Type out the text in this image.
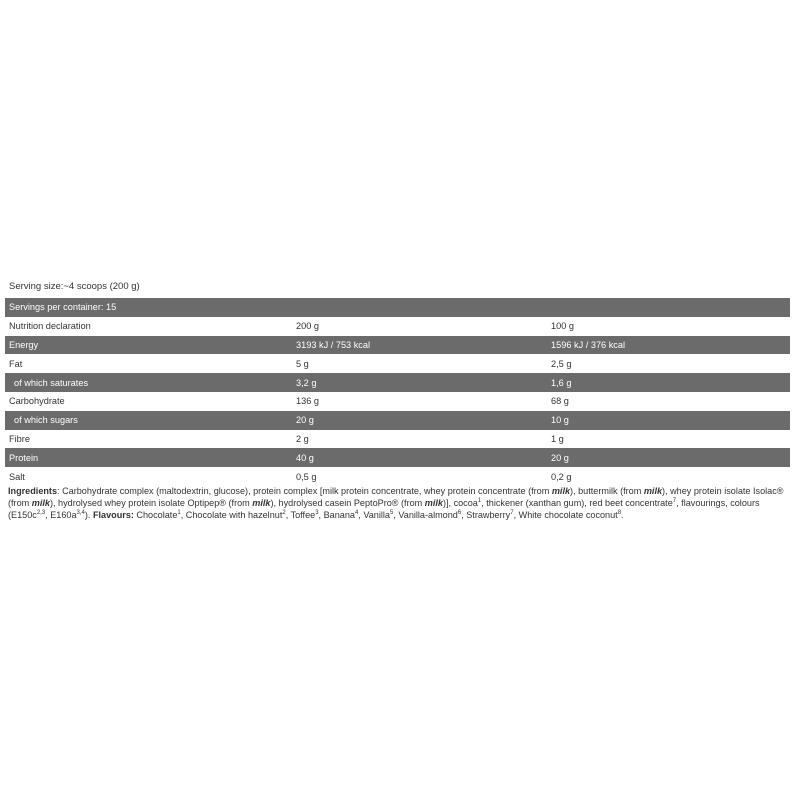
Serving size:~4 scoops (200 g)
Servings per container: 15
Nutrition declaration	200 g	100 g
Energy	3193 kJ / 753 kcal	1596 kJ / 376 kcal
Fat	5 g	2,5 g
of which saturates	3,2 g	1,6 g
Carbohydrate	136 g	68 g
of which sugars	20 g	10 g
Fibre	2 g	1 g
Protein	40 g	20 g
Salt	0,5 g	0,2 g
Ingredients: Carbohydrate complex (maltodextrin, glucose), protein complex [milk protein concentrate, whey protein concentrate (from milk), buttermilk (from milk), whey protein isolate Isolac® (from milk), hydrolysed whey protein isolate Optipep® (from milk), hydrolysed casein PeptoPro® (from milk)], cocoa$^1$, thickener (xanthan gum), red beet concentrate$^7$, flavourings, colours ($E150c^{2,3}$, $E160a^{3,4}$). Flavours: Chocolate$^1$, Chocolate with hazelnut$^2$, Toffee$^3$, Banana$^4$, Vanilla$^5$, Vanilla-almond$^6$, Strawberry$^7$, White chocolate coconut$^8$.
